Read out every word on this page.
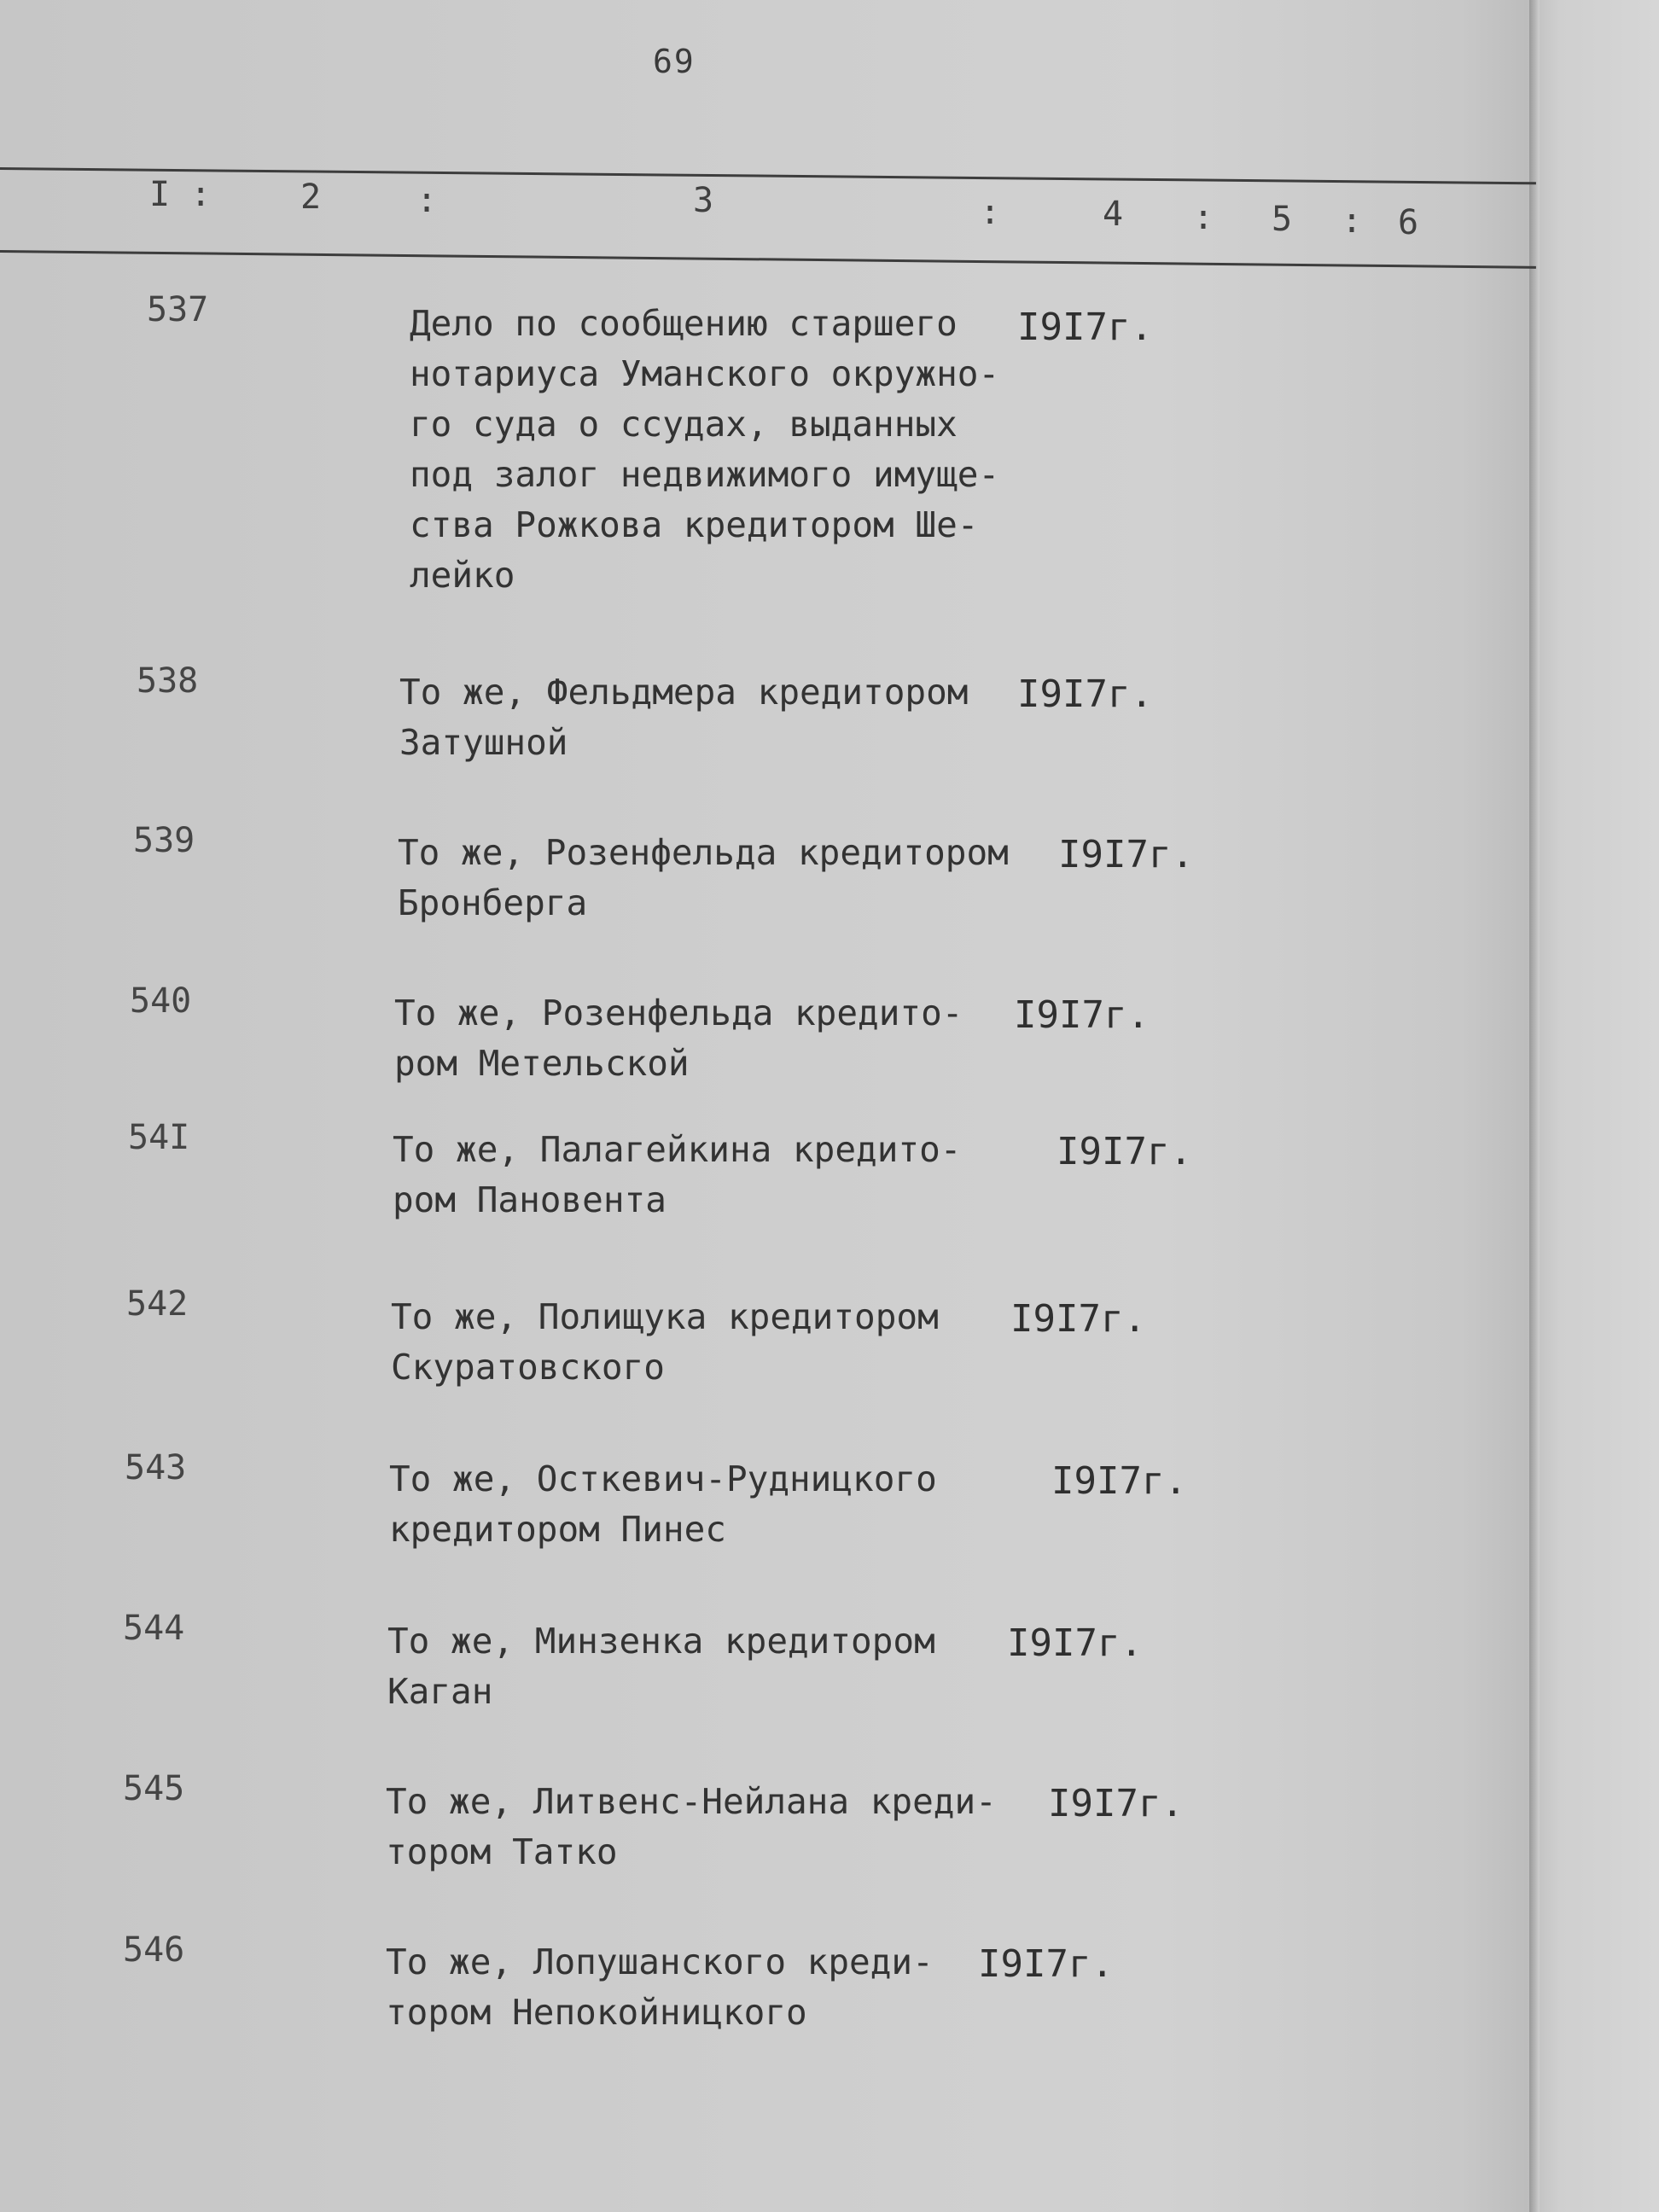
69
I :	2	:	3	:	4 : 5 : 6
537	Дело по сообщению старшего
нотариуса Уманского окружно-
го суда о ссудах, выданных
под залог недвижимого имуще-
ства Рожкова кредитором Ше-
лейко
I9I7г.
538	То же, Фельдмера кредитором
Затушной
I9I7г.
539	То же, Розенфельда кредитором
Бронберга
I9I7г.
540	То же, Розенфельда кредито-
ром Метельской
I9I7г.
54I	То же, Палагейкина кредито-
ром Пановента
I9I7г.
542	То же, Полищука кредитором
Скуратовского
I9I7г.
543	То же, Осткевич-Рудницкого
кредитором Пинес
I9I7г.
544	То же, Минзенка кредитором
Каган
I9I7г.
545	То же, Литвенс-Нейлана креди-
тором Татко
I9I7г.
546	То же, Лопушанского креди-
тором Непокойницкого
I9I7г.
